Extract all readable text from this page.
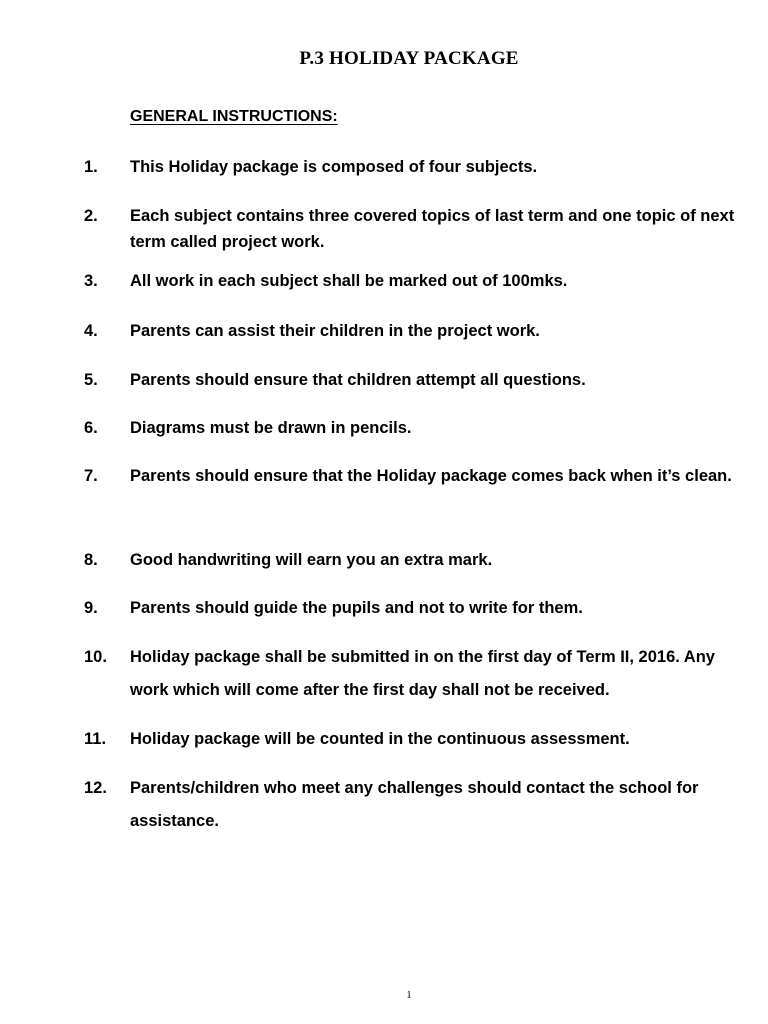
P.3 HOLIDAY PACKAGE
GENERAL INSTRUCTIONS:
1. This Holiday package is composed of four subjects.
2. Each subject contains three covered topics of last term and one topic of next term called project work.
3. All work in each subject shall be marked out of 100mks.
4. Parents can assist their children in the project work.
5. Parents should ensure that children attempt all questions.
6. Diagrams must be drawn in pencils.
7. Parents should ensure that the Holiday package comes back when it’s clean.
8. Good handwriting will earn you an extra mark.
9. Parents should guide the pupils and not to write for them.
10. Holiday package shall be submitted in on the first day of Term II, 2016. Any work which will come after the first day shall not be received.
11. Holiday package will be counted in the continuous assessment.
12. Parents/children who meet any challenges should contact the school for assistance.
1
